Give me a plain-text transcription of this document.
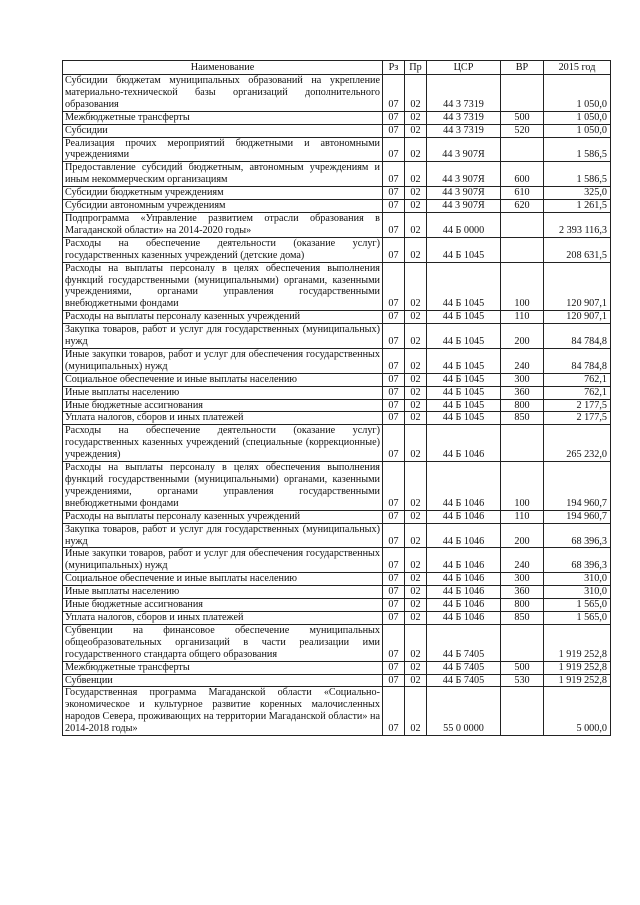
Наименование	Рз	Пр	ЦСР	ВР	2015 год
Субсидии бюджетам муниципальных образований на укрепление материально-технической базы организаций дополнительного образования	07	02	44 3 7319		1 050,0
Межбюджетные трансферты	07	02	44 3 7319	500	1 050,0
Субсидии	07	02	44 3 7319	520	1 050,0
Реализация прочих мероприятий бюджетными и автономными учреждениями	07	02	44 3 907Я		1 586,5
Предоставление субсидий бюджетным, автономным учреждениям и иным некоммерческим организациям	07	02	44 3 907Я	600	1 586,5
Субсидии бюджетным учреждениям	07	02	44 3 907Я	610	325,0
Субсидии автономным учреждениям	07	02	44 3 907Я	620	1 261,5
Подпрограмма «Управление развитием отрасли образования в Магаданской области» на 2014-2020 годы»	07	02	44 Б 0000		2 393 116,3
Расходы на обеспечение деятельности (оказание услуг) государственных казенных учреждений (детские дома)	07	02	44 Б 1045		208 631,5
Расходы на выплаты персоналу в целях обеспечения выполнения функций государственными (муниципальными) органами, казенными учреждениями, органами управления государственными внебюджетными фондами	07	02	44 Б 1045	100	120 907,1
Расходы на выплаты персоналу казенных учреждений	07	02	44 Б 1045	110	120 907,1
Закупка товаров, работ и услуг для государственных (муниципальных) нужд	07	02	44 Б 1045	200	84 784,8
Иные закупки товаров, работ и услуг для обеспечения государственных (муниципальных) нужд	07	02	44 Б 1045	240	84 784,8
Социальное обеспечение и иные выплаты населению	07	02	44 Б 1045	300	762,1
Иные выплаты населению	07	02	44 Б 1045	360	762,1
Иные бюджетные ассигнования	07	02	44 Б 1045	800	2 177,5
Уплата налогов, сборов и иных платежей	07	02	44 Б 1045	850	2 177,5
Расходы на обеспечение деятельности (оказание услуг) государственных казенных учреждений (специальные (коррекционные) учреждения)	07	02	44 Б 1046		265 232,0
Расходы на выплаты персоналу в целях обеспечения выполнения функций государственными (муниципальными) органами, казенными учреждениями, органами управления государственными внебюджетными фондами	07	02	44 Б 1046	100	194 960,7
Расходы на выплаты персоналу казенных учреждений	07	02	44 Б 1046	110	194 960,7
Закупка товаров, работ и услуг для государственных (муниципальных) нужд	07	02	44 Б 1046	200	68 396,3
Иные закупки товаров, работ и услуг для обеспечения государственных (муниципальных) нужд	07	02	44 Б 1046	240	68 396,3
Социальное обеспечение и иные выплаты населению	07	02	44 Б 1046	300	310,0
Иные выплаты населению	07	02	44 Б 1046	360	310,0
Иные бюджетные ассигнования	07	02	44 Б 1046	800	1 565,0
Уплата налогов, сборов и иных платежей	07	02	44 Б 1046	850	1 565,0
Субвенции на финансовое обеспечение муниципальных общеобразовательных организаций в части реализации ими государственного стандарта общего образования	07	02	44 Б 7405		1 919 252,8
Межбюджетные трансферты	07	02	44 Б 7405	500	1 919 252,8
Субвенции	07	02	44 Б 7405	530	1 919 252,8
Государственная программа Магаданской области «Социально-экономическое и культурное развитие коренных малочисленных народов Севера, проживающих на территории Магаданской области» на 2014-2018 годы»	07	02	55 0 0000		5 000,0
